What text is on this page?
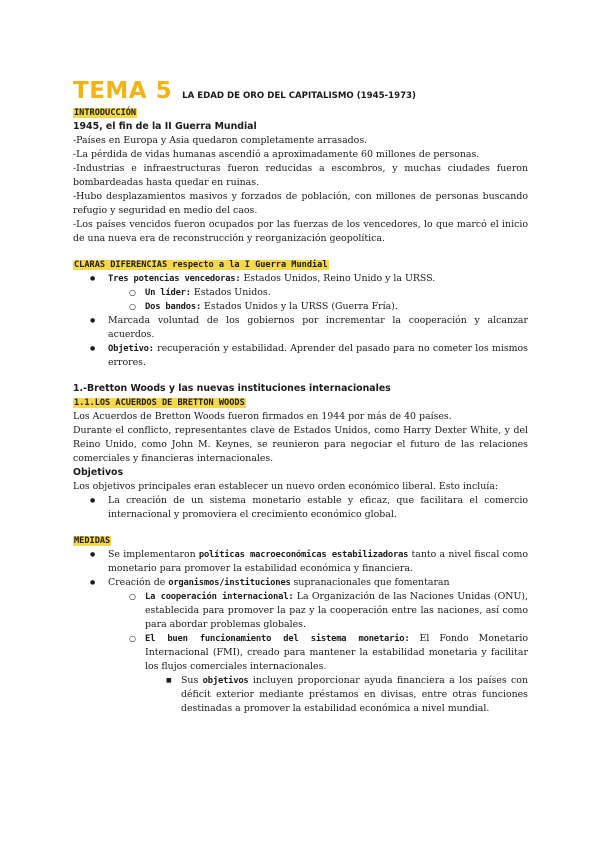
TEMA 5 LA EDAD DE ORO DEL CAPITALISMO (1945-1973)
INTRODUCCIÓN
1945, el fin de la II Guerra Mundial

-Países en Europa y Asia quedaron completamente arrasados.

-La pérdida de vidas humanas ascendió a aproximadamente 60 millones de personas.

-Industrias e infraestructuras fueron reducidas a escombros, y muchas ciudades fueron bombardeadas hasta quedar en ruinas.

-Hubo desplazamientos masivos y forzados de población, con millones de personas buscando refugio y seguridad en medio del caos.

-Los países vencidos fueron ocupados por las fuerzas de los vencedores, lo que marcó el inicio de una nueva era de reconstrucción y reorganización geopolítica.

CLARAS DIFERENCIAS respecto a la I Guerra Mundial
● Tres potencias vencedoras: Estados Unidos, Reino Unido y la URSS.
○ Un líder: Estados Unidos.
○ Dos bandos: Estados Unidos y la URSS (Guerra Fría).
● Marcada voluntad de los gobiernos por incrementar la cooperación y alcanzar acuerdos.
● Objetivo: recuperación y estabilidad. Aprender del pasado para no cometer los mismos errores.
1.-Bretton Woods y las nuevas instituciones internacionales
1.1.LOS ACUERDOS DE BRETTON WOODS

Los Acuerdos de Bretton Woods fueron firmados en 1944 por más de 40 países.

Durante el conflicto, representantes clave de Estados Unidos, como Harry Dexter White, y del Reino Unido, como John M. Keynes, se reunieron para negociar el futuro de las relaciones comerciales y financieras internacionales.

Objetivos

Los objetivos principales eran establecer un nuevo orden económico liberal. Esto incluía:

● La creación de un sistema monetario estable y eficaz, que facilitara el comercio internacional y promoviera el crecimiento económico global.
MEDIDAS
● Se implementaron políticas macroeconómicas estabilizadoras tanto a nivel fiscal como monetario para promover la estabilidad económica y financiera.
● Creación de organismos/instituciones supranacionales que fomentaran
○ La cooperación internacional: La Organización de las Naciones Unidas (ONU), establecida para promover la paz y la cooperación entre las naciones, así como para abordar problemas globales.
○ El buen funcionamiento del sistema monetario: El Fondo Monetario Internacional (FMI), creado para mantener la estabilidad monetaria y facilitar los flujos comerciales internacionales.
■ Sus objetivos incluyen proporcionar ayuda financiera a los países con déficit exterior mediante préstamos en divisas, entre otras funciones destinadas a promover la estabilidad económica a nivel mundial.
